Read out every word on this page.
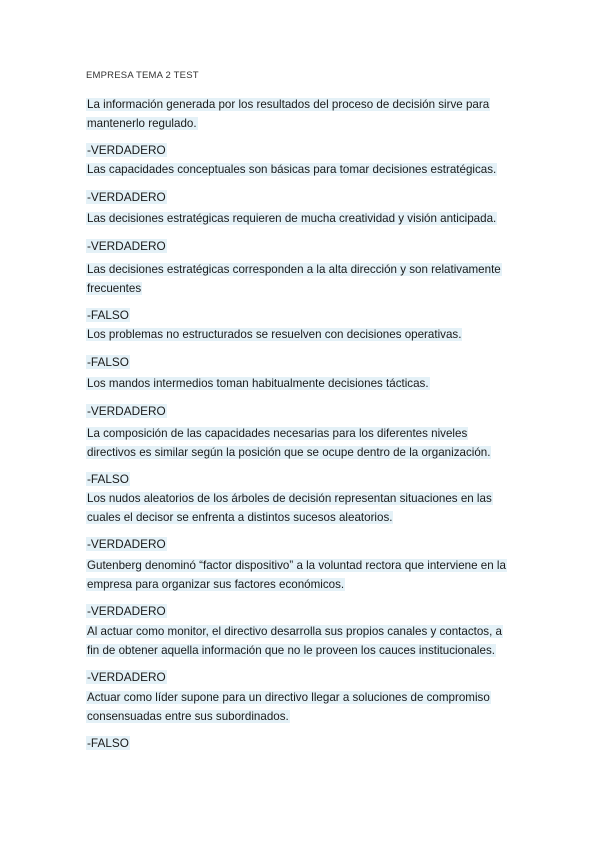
EMPRESA TEMA 2 TEST

La información generada por los resultados del proceso de decisión sirve para mantenerlo regulado.

-VERDADERO

Las capacidades conceptuales son básicas para tomar decisiones estratégicas.

-VERDADERO

Las decisiones estratégicas requieren de mucha creatividad y visión anticipada.

-VERDADERO

Las decisiones estratégicas corresponden a la alta dirección y son relativamente frecuentes

-FALSO

Los problemas no estructurados se resuelven con decisiones operativas.

-FALSO

Los mandos intermedios toman habitualmente decisiones tácticas.

-VERDADERO

La composición de las capacidades necesarias para los diferentes niveles directivos es similar según la posición que se ocupe dentro de la organización.

-FALSO

Los nudos aleatorios de los árboles de decisión representan situaciones en las cuales el decisor se enfrenta a distintos sucesos aleatorios.

-VERDADERO

Gutenberg denominó “factor dispositivo” a la voluntad rectora que interviene en la empresa para organizar sus factores económicos.

-VERDADERO

Al actuar como monitor, el directivo desarrolla sus propios canales y contactos, a fin de obtener aquella información que no le proveen los cauces institucionales.

-VERDADERO

Actuar como líder supone para un directivo llegar a soluciones de compromiso consensuadas entre sus subordinados.

-FALSO
